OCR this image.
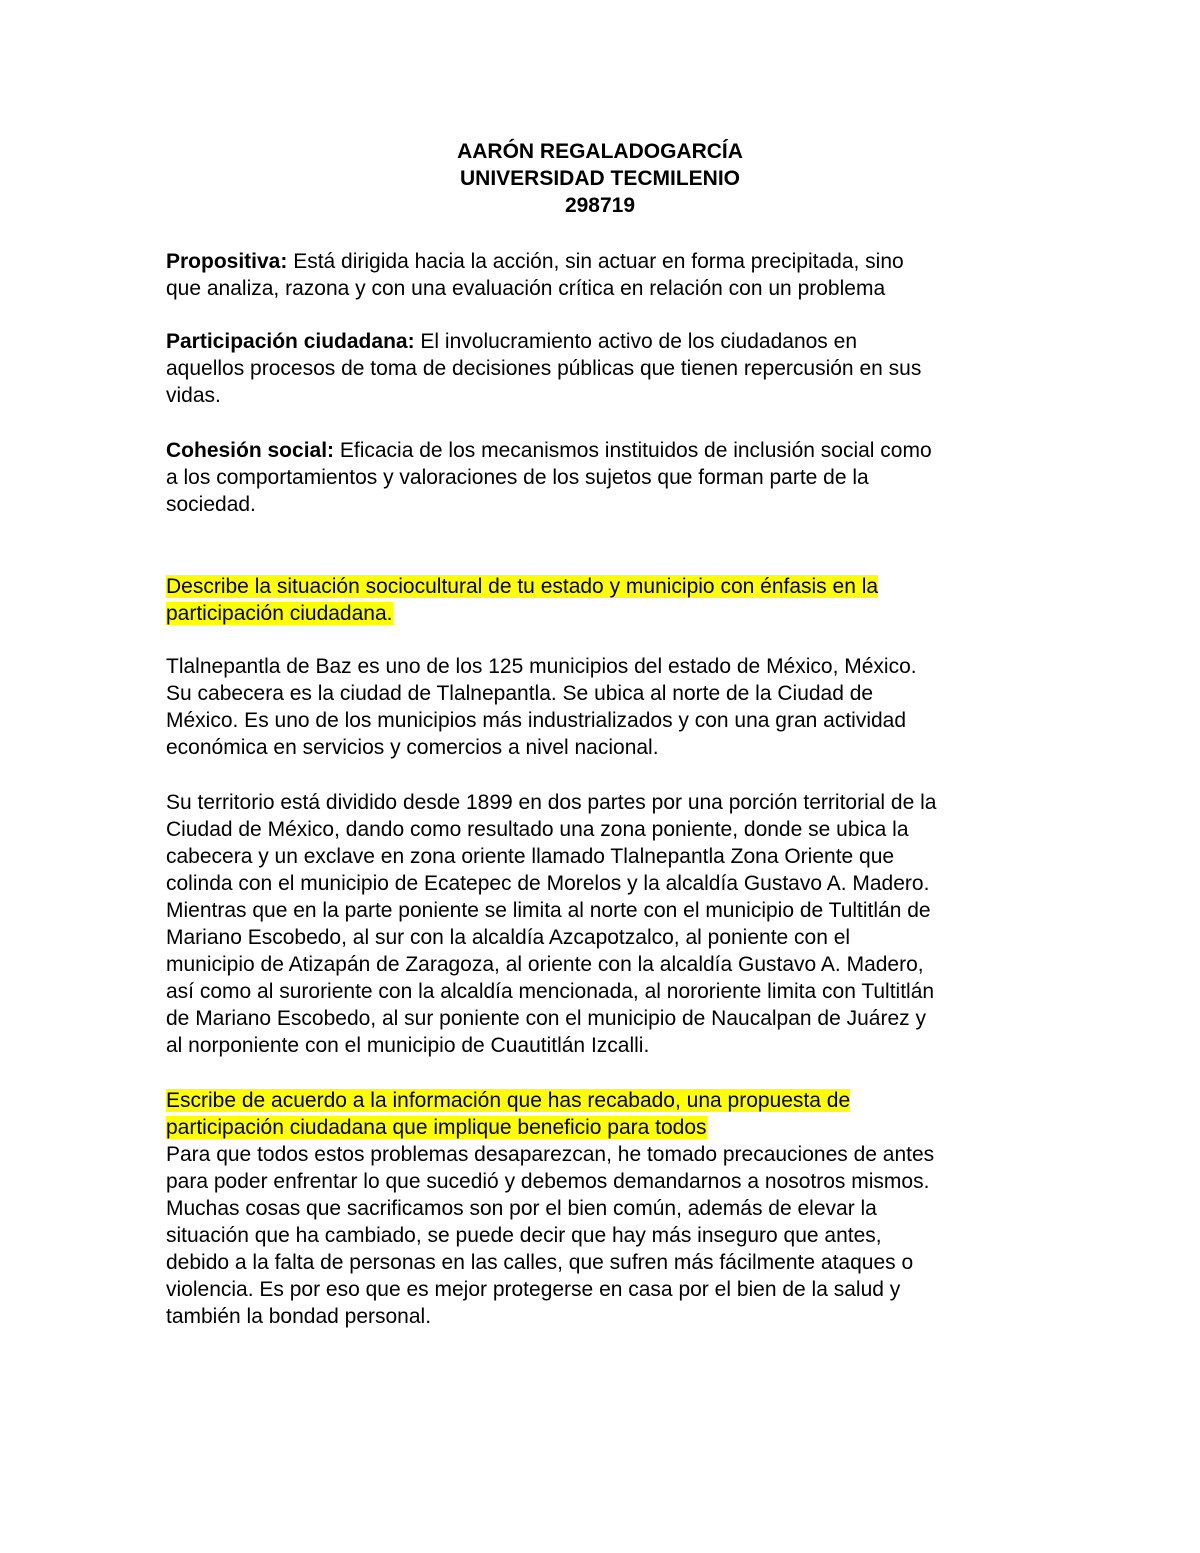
AARÓN REGALADOGARCÍA
UNIVERSIDAD TECMILENIO
298719
Propositiva: Está dirigida hacia la acción, sin actuar en forma precipitada, sino
que analiza, razona y con una evaluación crítica en relación con un problema
Participación ciudadana: El involucramiento activo de los ciudadanos en
aquellos procesos de toma de decisiones públicas que tienen repercusión en sus
vidas.
Cohesión social: Eficacia de los mecanismos instituidos de inclusión social como
a los comportamientos y valoraciones de los sujetos que forman parte de la
sociedad.
Describe la situación sociocultural de tu estado y municipio con énfasis en la
participación ciudadana.
Tlalnepantla de Baz es uno de los 125 municipios del estado de México, México.
Su cabecera es la ciudad de Tlalnepantla. Se ubica al norte de la Ciudad de
México. Es uno de los municipios más industrializados y con una gran actividad
económica en servicios y comercios a nivel nacional.
Su territorio está dividido desde 1899 en dos partes por una porción territorial de la
Ciudad de México, dando como resultado una zona poniente, donde se ubica la
cabecera y un exclave en zona oriente llamado Tlalnepantla Zona Oriente que
colinda con el municipio de Ecatepec de Morelos y la alcaldía Gustavo A. Madero.
Mientras que en la parte poniente se limita al norte con el municipio de Tultitlán de
Mariano Escobedo, al sur con la alcaldía Azcapotzalco, al poniente con el
municipio de Atizapán de Zaragoza, al oriente con la alcaldía Gustavo A. Madero,
así como al suroriente con la alcaldía mencionada, al nororiente limita con Tultitlán
de Mariano Escobedo, al sur poniente con el municipio de Naucalpan de Juárez y
al norponiente con el municipio de Cuautitlán Izcalli.
Escribe de acuerdo a la información que has recabado, una propuesta de
participación ciudadana que implique beneficio para todos
Para que todos estos problemas desaparezcan, he tomado precauciones de antes
para poder enfrentar lo que sucedió y debemos demandarnos a nosotros mismos.
Muchas cosas que sacrificamos son por el bien común, además de elevar la
situación que ha cambiado, se puede decir que hay más inseguro que antes,
debido a la falta de personas en las calles, que sufren más fácilmente ataques o
violencia. Es por eso que es mejor protegerse en casa por el bien de la salud y
también la bondad personal.
